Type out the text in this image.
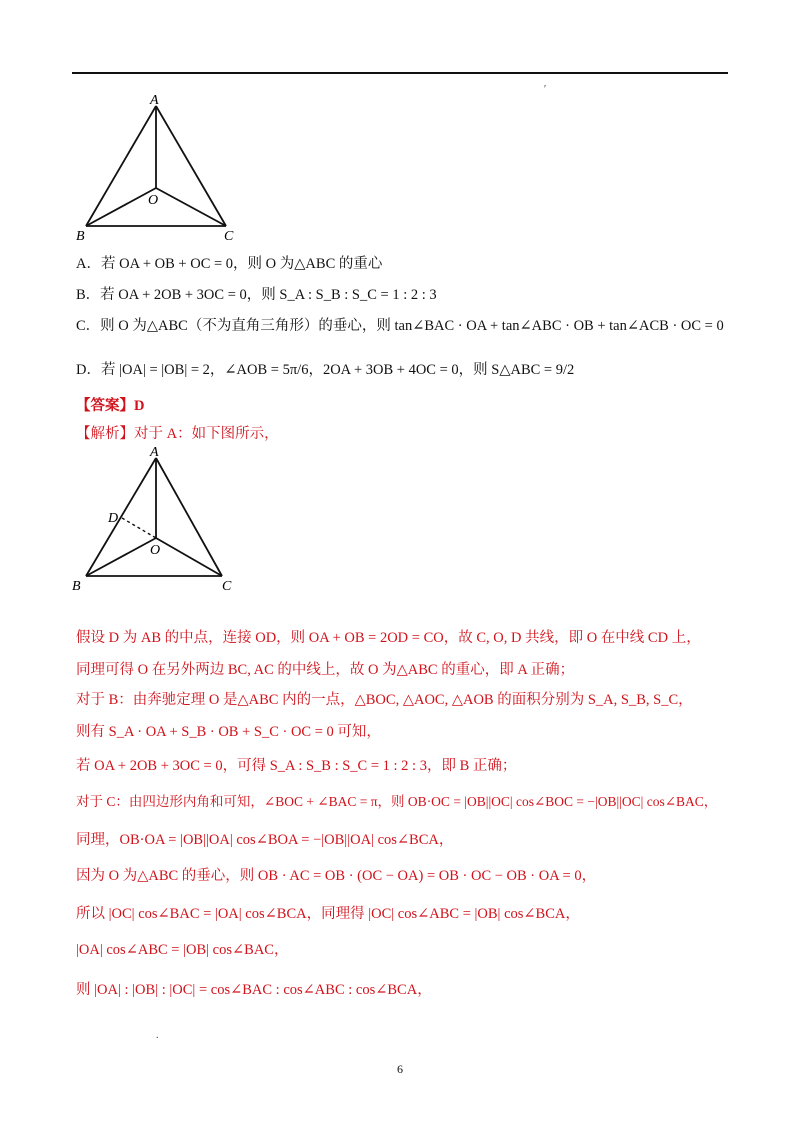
′
A
B	C
O
A．若 OA + OB + OC = 0，则 O 为△ABC 的重心
B．若 OA + 2OB + 3OC = 0，则 S_A : S_B : S_C = 1 : 2 : 3
C．则 O 为△ABC（不为直角三角形）的垂心，则 tan∠BAC · OA + tan∠ABC · OB + tan∠ACB · OC = 0
D．若 |OA| = |OB| = 2，∠AOB = 5π/6，2OA + 3OB + 4OC = 0，则 S△ABC = 9/2
【答案】D
【解析】对于 A：如下图所示，
A
B	C
O
D
假设 D 为 AB 的中点，连接 OD，则 OA + OB = 2OD = CO，故 C, O, D 共线，即 O 在中线 CD 上，
同理可得 O 在另外两边 BC, AC 的中线上，故 O 为△ABC 的重心，即 A 正确；
对于 B：由奔驰定理 O 是△ABC 内的一点，△BOC, △AOC, △AOB 的面积分别为 S_A, S_B, S_C，
则有 S_A · OA + S_B · OB + S_C · OC = 0 可知，
若 OA + 2OB + 3OC = 0，可得 S_A : S_B : S_C = 1 : 2 : 3，即 B 正确；
对于 C：由四边形内角和可知，∠BOC + ∠BAC = π，则 OB·OC = |OB||OC| cos∠BOC = −|OB||OC| cos∠BAC，
同理，OB·OA = |OB||OA| cos∠BOA = −|OB||OA| cos∠BCA，
因为 O 为△ABC 的垂心，则 OB · AC = OB · (OC − OA) = OB · OC − OB · OA = 0，
所以 |OC| cos∠BAC = |OA| cos∠BCA，同理得 |OC| cos∠ABC = |OB| cos∠BCA，
|OA| cos∠ABC = |OB| cos∠BAC，
则 |OA| : |OB| : |OC| = cos∠BAC : cos∠ABC : cos∠BCA，
.
6
